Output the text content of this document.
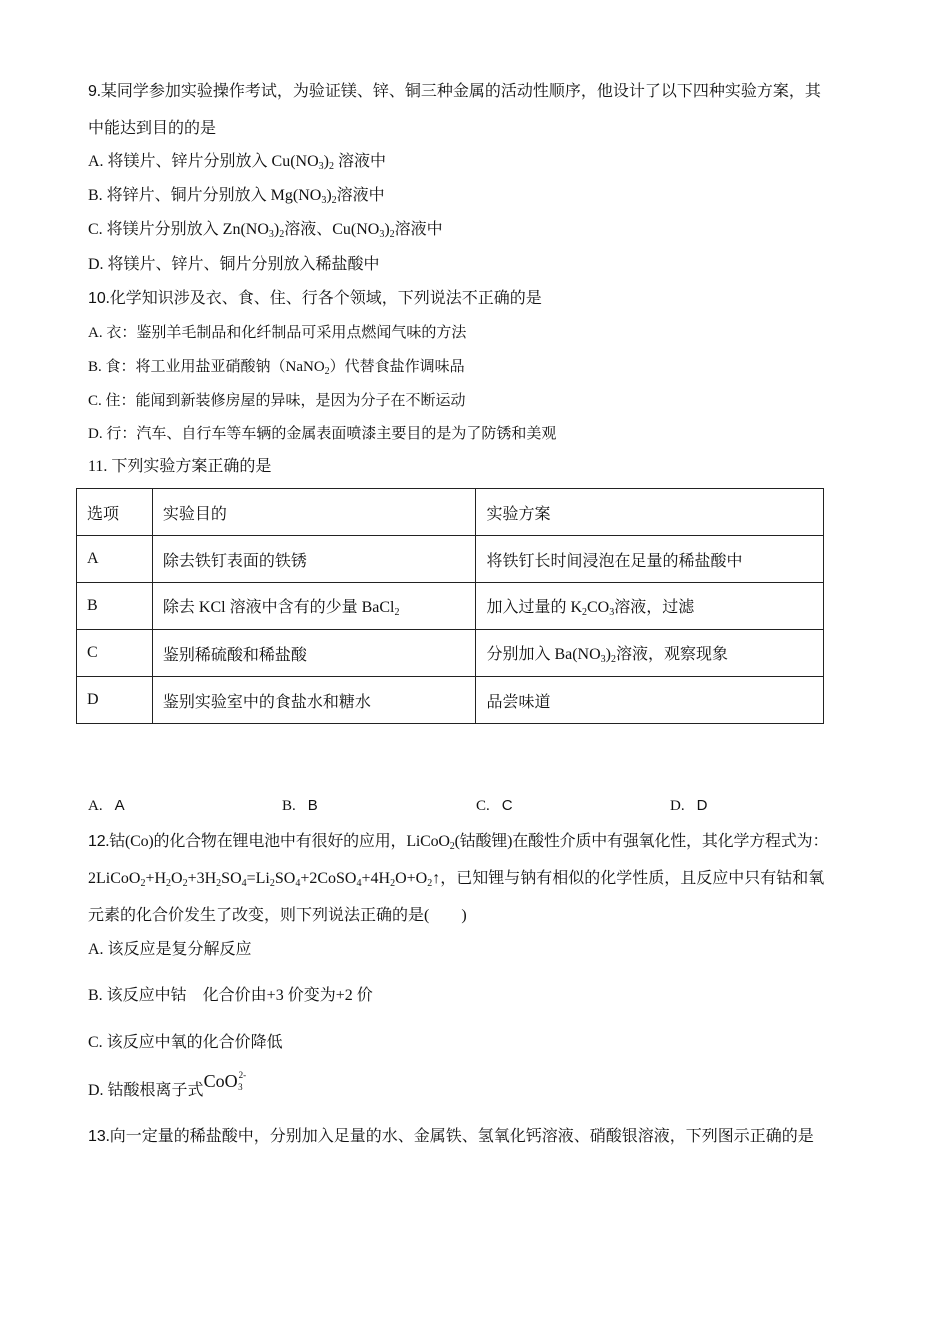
9.某同学参加实验操作考试，为验证镁、锌、铜三种金属的活动性顺序，他设计了以下四种实验方案，其
中能达到目的的是
A. 将镁片、锌片分别放入 $Cu(NO_3)_2$ 溶液中
B. 将锌片、铜片分别放入 $Mg(NO_3)_2$溶液中
C. 将镁片分别放入 $Zn(NO_3)_2$溶液、$Cu(NO_3)_2$溶液中
D. 将镁片、锌片、铜片分别放入稀盐酸中
10.化学知识涉及衣、食、住、行各个领域，下列说法不正确的是
A. 衣：鉴别羊毛制品和化纤制品可采用点燃闻气味的方法
B. 食：将工业用盐亚硝酸钠（NaNO$_2$）代替食盐作调味品
C. 住：能闻到新装修房屋的异味，是因为分子在不断运动
D. 行：汽车、自行车等车辆的金属表面喷漆主要目的是为了防锈和美观
11. 下列实验方案正确的是
选项	实验目的	实验方案
A	除去铁钉表面的铁锈	将铁钉长时间浸泡在足量的稀盐酸中
B	除去 KCl 溶液中含有的少量 BaCl$_2$	加入过量的 $K_2CO_3$溶液，过滤
C	鉴别稀硫酸和稀盐酸	分别加入 $Ba(NO_3)_2$溶液，观察现象
D	鉴别实验室中的食盐水和糖水	品尝味道
A. A	B. B	C. C	D. D
12.钴(Co)的化合物在锂电池中有很好的应用，LiCoO$_2$(钴酸锂)在酸性介质中有强氧化性，其化学方程式为：
$2LiCoO_2+H_2O_2+3H_2SO_4=Li_2SO_4+2CoSO_4+4H_2O+O_2↑$，已知锂与钠有相似的化学性质，且反应中只有钴和氧
元素的化合价发生了改变，则下列说法正确的是(　　)
A. 该反应是复分解反应
B. 该反应中钴　化合价由+3 价变为+2 价
C. 该反应中氧的化合价降低
D. 钴酸根离子式CoO$^{2-}$3
13.向一定量的稀盐酸中，分别加入足量的水、金属铁、氢氧化钙溶液、硝酸银溶液，下列图示正确的是
